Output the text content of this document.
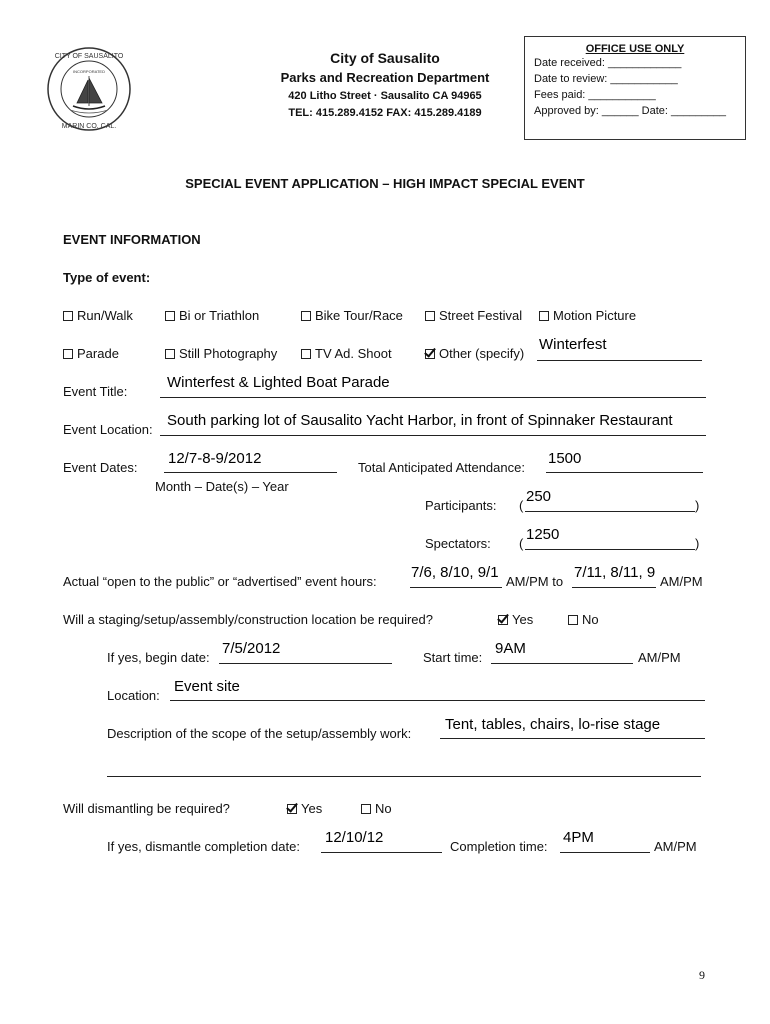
CITY OF SAUSALITO
MARIN CO. CAL.
INCORPORATED
City of Sausalito
Parks and Recreation Department
420 Litho Street · Sausalito CA 94965
TEL: 415.289.4152 FAX: 415.289.4189
OFFICE USE ONLY
Date received: ____________
Date to review: ___________
Fees paid: ___________
Approved by: ______ Date: _________
SPECIAL EVENT APPLICATION – HIGH IMPACT SPECIAL EVENT
EVENT INFORMATION
Type of event:
Run/Walk	Bi or Triathlon	Bike Tour/Race	Street Festival	Motion Picture
Parade	Still Photography	TV Ad. Shoot	Other (specify)
Winterfest
Event Title:
Winterfest & Lighted Boat Parade
Event Location:
South parking lot of Sausalito Yacht Harbor, in front of Spinnaker Restaurant
Event Dates:
12/7-8-9/2012
Month – Date(s) – Year
Total Anticipated Attendance:
1500
Participants: (	)
250
Spectators: (	)
1250
Actual “open to the public” or “advertised” event hours:
7/6, 8/10, 9/1
AM/PM to
7/11, 8/11, 9
AM/PM
Will a staging/setup/assembly/construction location be required?	Yes	No
If yes, begin date:
7/5/2012
Start time:
9AM
AM/PM
Location:
Event site
Description of the scope of the setup/assembly work:
Tent, tables, chairs, lo-rise stage
Will dismantling be required?	Yes	No
If yes, dismantle completion date:
12/10/12
Completion time:
4PM
AM/PM
9
